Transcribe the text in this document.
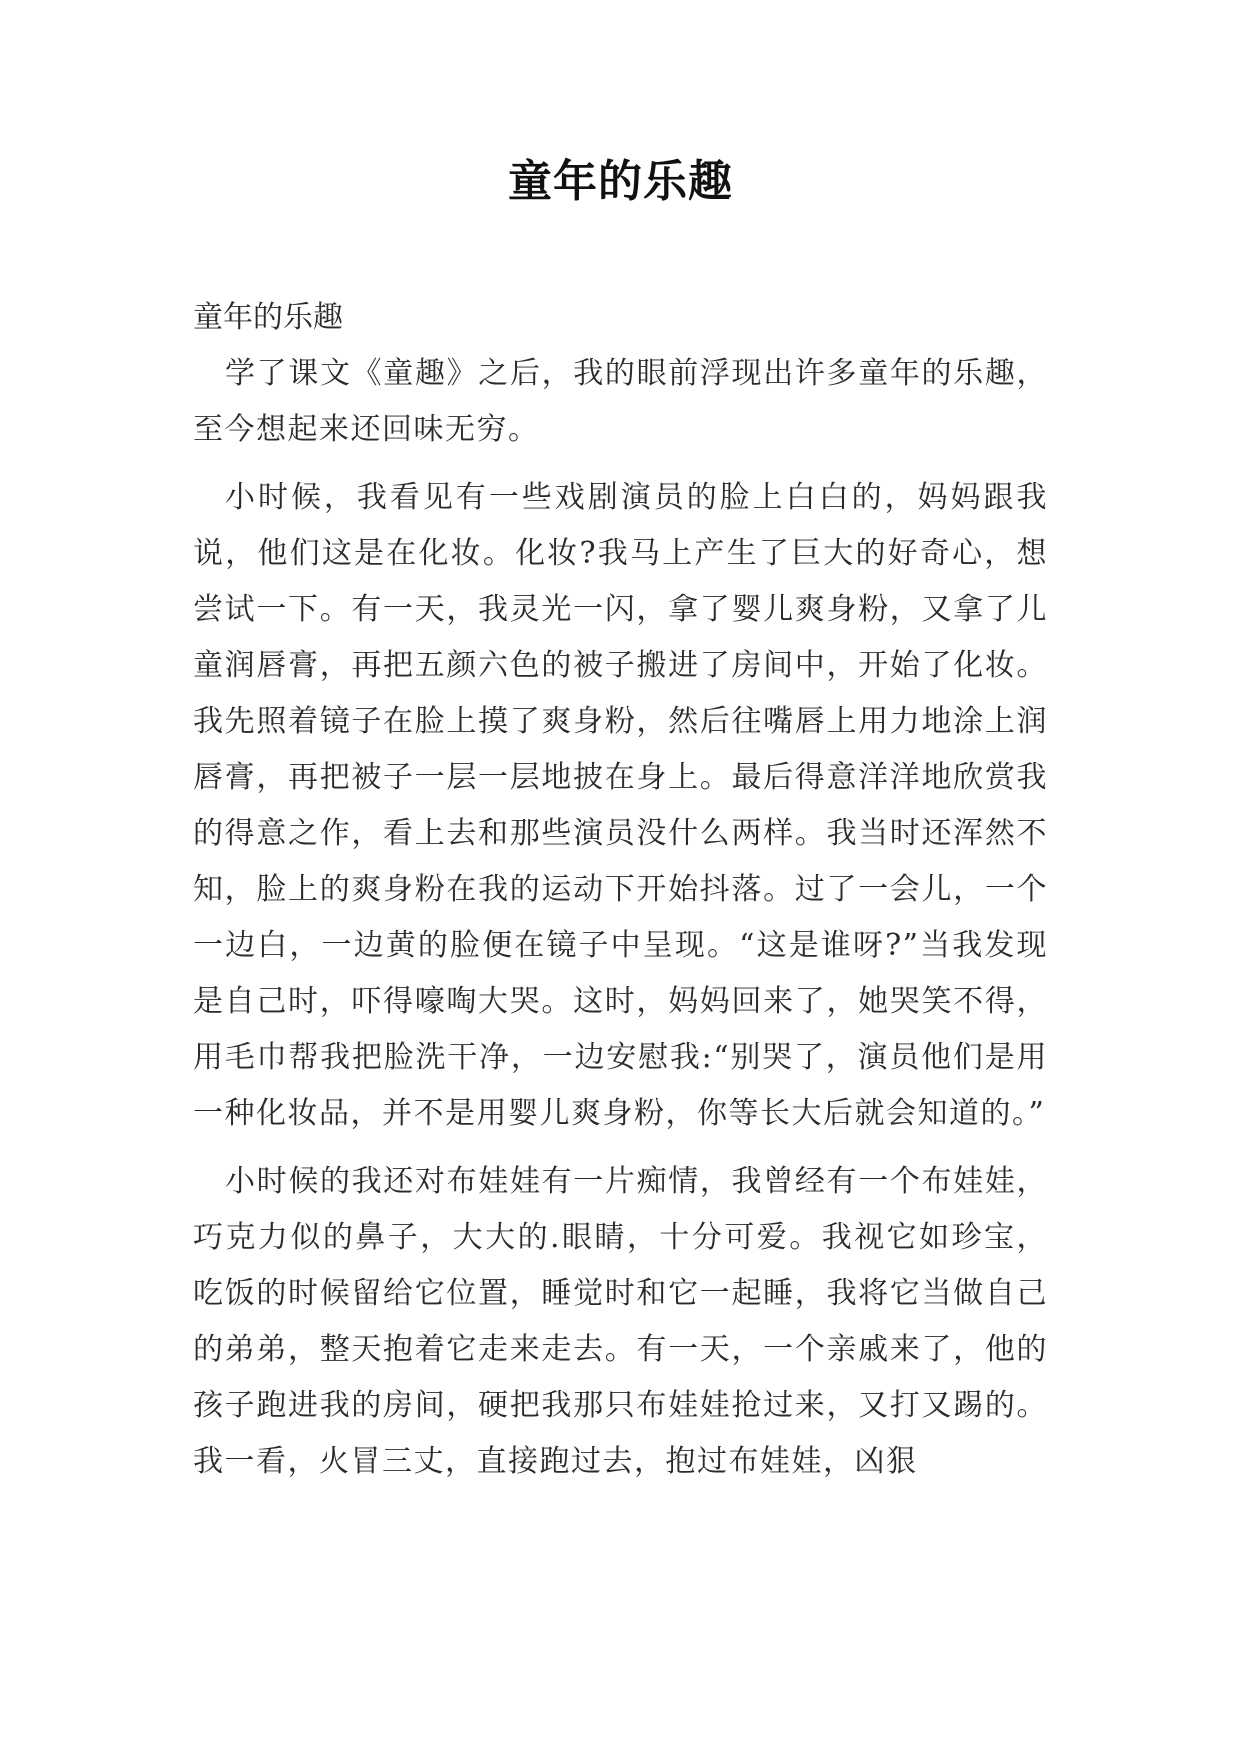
童年的乐趣

童年的乐趣

学了课文《童趣》之后，我的眼前浮现出许多童年的乐趣，至今想起来还回味无穷。

小时候，我看见有一些戏剧演员的脸上白白的，妈妈跟我说，他们这是在化妆。化妆?我马上产生了巨大的好奇心，想尝试一下。有一天，我灵光一闪，拿了婴儿爽身粉，又拿了儿童润唇膏，再把五颜六色的被子搬进了房间中，开始了化妆。我先照着镜子在脸上摸了爽身粉，然后往嘴唇上用力地涂上润唇膏，再把被子一层一层地披在身上。最后得意洋洋地欣赏我的得意之作，看上去和那些演员没什么两样。我当时还浑然不知，脸上的爽身粉在我的运动下开始抖落。过了一会儿，一个一边白，一边黄的脸便在镜子中呈现。“这是谁呀?”当我发现是自己时，吓得嚎啕大哭。这时，妈妈回来了，她哭笑不得，用毛巾帮我把脸洗干净，一边安慰我:“别哭了，演员他们是用一种化妆品，并不是用婴儿爽身粉，你等长大后就会知道的。”

小时候的我还对布娃娃有一片痴情，我曾经有一个布娃娃，巧克力似的鼻子，大大的.眼睛，十分可爱。我视它如珍宝，吃饭的时候留给它位置，睡觉时和它一起睡，我将它当做自己的弟弟，整天抱着它走来走去。有一天，一个亲戚来了，他的孩子跑进我的房间，硬把我那只布娃娃抢过来，又打又踢的。我一看，火冒三丈，直接跑过去，抱过布娃娃，凶狠
